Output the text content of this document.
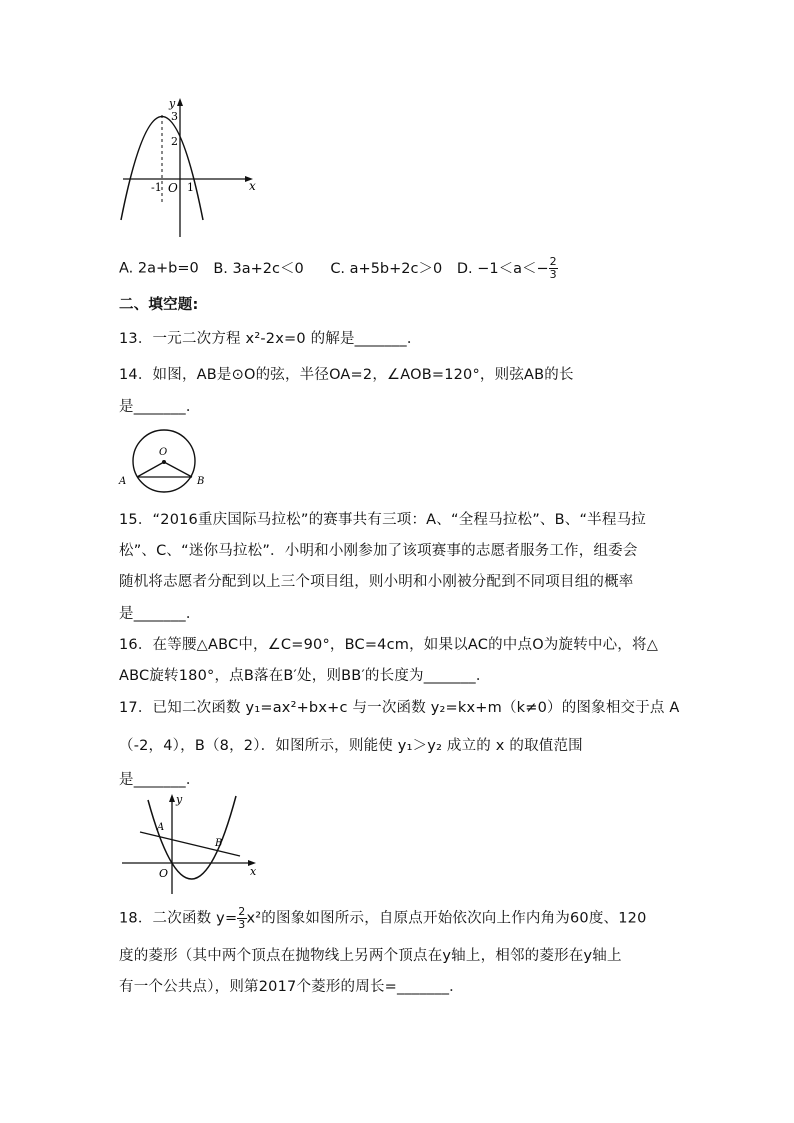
y
x
3
2
-1 1
O
A. 2a+b=0 B. 3a+2c＜0 C. a+5b+2c＞0 D. $-1<a<- \frac{2}{3}$
二、填空题:
13．一元二次方程 x²-2x=0 的解是_______．
14．如图，AB是⊙O的弦，半径OA=2，∠AOB=120°，则弦AB的长
是_______．
O
A	B
15．“2016重庆国际马拉松”的赛事共有三项：A、“全程马拉松”、B、“半程马拉
松”、C、“迷你马拉松”．小明和小刚参加了该项赛事的志愿者服务工作，组委会
随机将志愿者分配到以上三个项目组，则小明和小刚被分配到不同项目组的概率
是_______．
16．在等腰△ABC中，∠C=90°，BC=4cm，如果以AC的中点O为旋转中心，将△
ABC旋转180°，点B落在B′处，则BB′的长度为_______．
17．已知二次函数 y₁=ax²+bx+c 与一次函数 y₂=kx+m（k≠0）的图象相交于点 A
（-2，4），B（8，2）．如图所示，则能使 y₁＞y₂ 成立的 x 的取值范围
是_______．
y
x
A
B
O
18．二次函数 $y= \frac{2}{3} x^2$的图象如图所示，自原点开始依次向上作内角为60度、120
度的菱形（其中两个顶点在抛物线上另两个顶点在y轴上，相邻的菱形在y轴上
有一个公共点），则第2017个菱形的周长=_______．
